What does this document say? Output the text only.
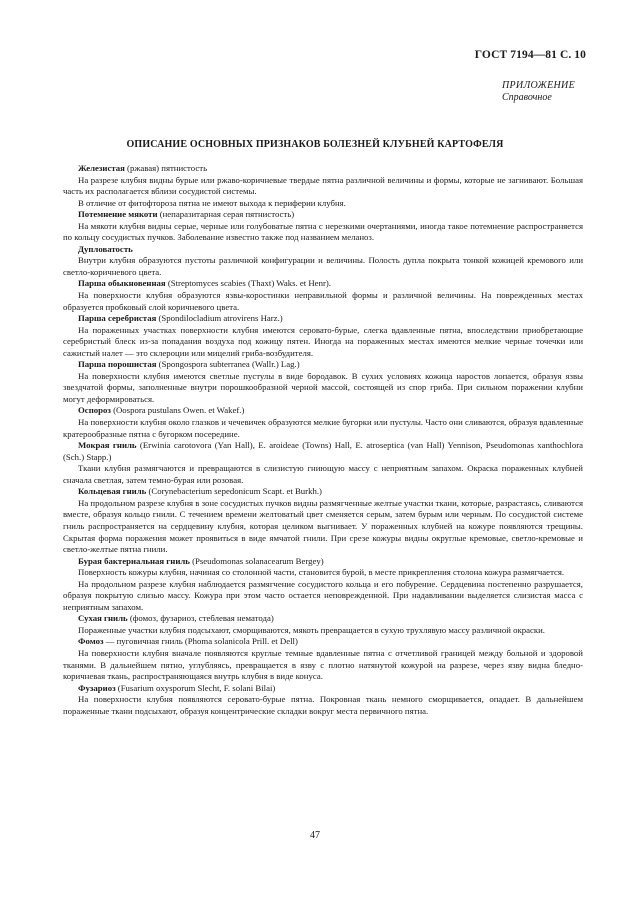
ГОСТ 7194—81 С. 10
ПРИЛОЖЕНИЕ
Справочное
ОПИСАНИЕ ОСНОВНЫХ ПРИЗНАКОВ БОЛЕЗНЕЙ КЛУБНЕЙ КАРТОФЕЛЯ

Железистая (ржавая) пятнистость

На разрезе клубня видны бурые или ржаво-коричневые твердые пятна различной величины и формы, которые не загнивают. Большая часть их располагается вблизи сосудистой системы.

В отличие от фитофтороза пятна не имеют выхода к периферии клубня.

Потемнение мякоти (непаразитарная серая пятнистость)

На мякоти клубня видны серые, черные или голубоватые пятна с нерезкими очертаниями, иногда такое потемнение распространяется по кольцу сосудистых пучков. Заболевание известно также под названием меланоз.

Дупловатость

Внутри клубня образуются пустоты различной конфигурации и величины. Полость дупла покрыта тонкой кожицей кремового или светло-коричневого цвета.

Парша обыкновенная (Streptomyces scabies (Thaxt) Waks. et Henr).

На поверхности клубня образуются язвы-коростинки неправильной формы и различной величины. На поврежденных местах образуется пробковый слой коричневого цвета.

Парша серебристая (Spondilocladium atrovirens Harz.)

На пораженных участках поверхности клубня имеются серовато-бурые, слегка вдавленные пятна, впоследствии приобретающие серебристый блеск из-за попадания воздуха под кожицу пятен. Иногда на пораженных местах имеются мелкие черные точечки или сажистый налет — это склероции или мицелий гриба-возбудителя.

Парша порошистая (Spongospora subterranea (Wallr.) Lag.)

На поверхности клубня имеются светлые пустулы в виде бородавок. В сухих условиях кожица наростов лопается, образуя язвы звездчатой формы, заполненные внутри порошкообразной черной массой, состоящей из спор гриба. При сильном поражении клубни могут деформироваться.

Оспороз (Oospora pustulans Owen. et Wakef.)

На поверхности клубня около глазков и чечевичек образуются мелкие бугорки или пустулы. Часто они сливаются, образуя вдавленные кратерообразные пятна с бугорком посередине.

Мокрая гниль (Erwinia carotovora (Yan Hall), E. aroideae (Towns) Hall, E. atroseptica (van Hall) Yennison, Pseudomonas xanthochlora (Sch.) Stapp.)

Ткани клубня размягчаются и превращаются в слизистую гниющую массу с неприятным запахом. Окраска пораженных клубней сначала светлая, затем темно-бурая или розовая.

Кольцевая гниль (Corynebacterium sepedonicum Scapt. et Burkh.)

На продольном разрезе клубня в зоне сосудистых пучков видны размягченные желтые участки ткани, которые, разрастаясь, сливаются вместе, образуя кольцо гнили. С течением времени желтоватый цвет сменяется серым, затем бурым или черным. По сосудистой системе гниль распространяется на сердцевину клубня, которая целиком выгнивает. У пораженных клубней на кожуре появляются трещины. Скрытая форма поражения может проявиться в виде ямчатой гнили. При срезе кожуры видны округлые кремовые, светло-кремовые и светло-желтые пятна гнили.

Бурая бактериальная гниль (Pseudomonas solanacearum Bergey)

Поверхность кожуры клубня, начиная со столонной части, становится бурой, в месте прикрепления столона кожура размягчается.

На продольном разрезе клубня наблюдается размягчение сосудистого кольца и его побурение. Сердцевина постепенно разрушается, образуя покрытую слизью массу. Кожура при этом часто остается неповрежденной. При надавливании выделяется слизистая масса с неприятным запахом.

Сухая гниль (фомоз, фузариоз, стеблевая нематода)

Пораженные участки клубня подсыхают, сморщиваются, мякоть превращается в сухую трухлявую массу различной окраски.

Фомоз — пуговичная гниль (Phoma solanicola Prill. et Dell)

На поверхности клубня вначале появляются круглые темные вдавленные пятна с отчетливой границей между больной и здоровой тканями. В дальнейшем пятно, углубляясь, превращается в язву с плотно натянутой кожурой на разрезе, через язву видна бледно-коричневая ткань, распространяющаяся внутрь клубня в виде конуса.

Фузариоз (Fusarium oxysporum Slecht, F. solani Bilai)

На поверхности клубня появляются серовато-бурые пятна. Покровная ткань немного сморщивается, опадает. В дальнейшем пораженные ткани подсыхают, образуя концентрические складки вокруг места первичного пятна.

47
